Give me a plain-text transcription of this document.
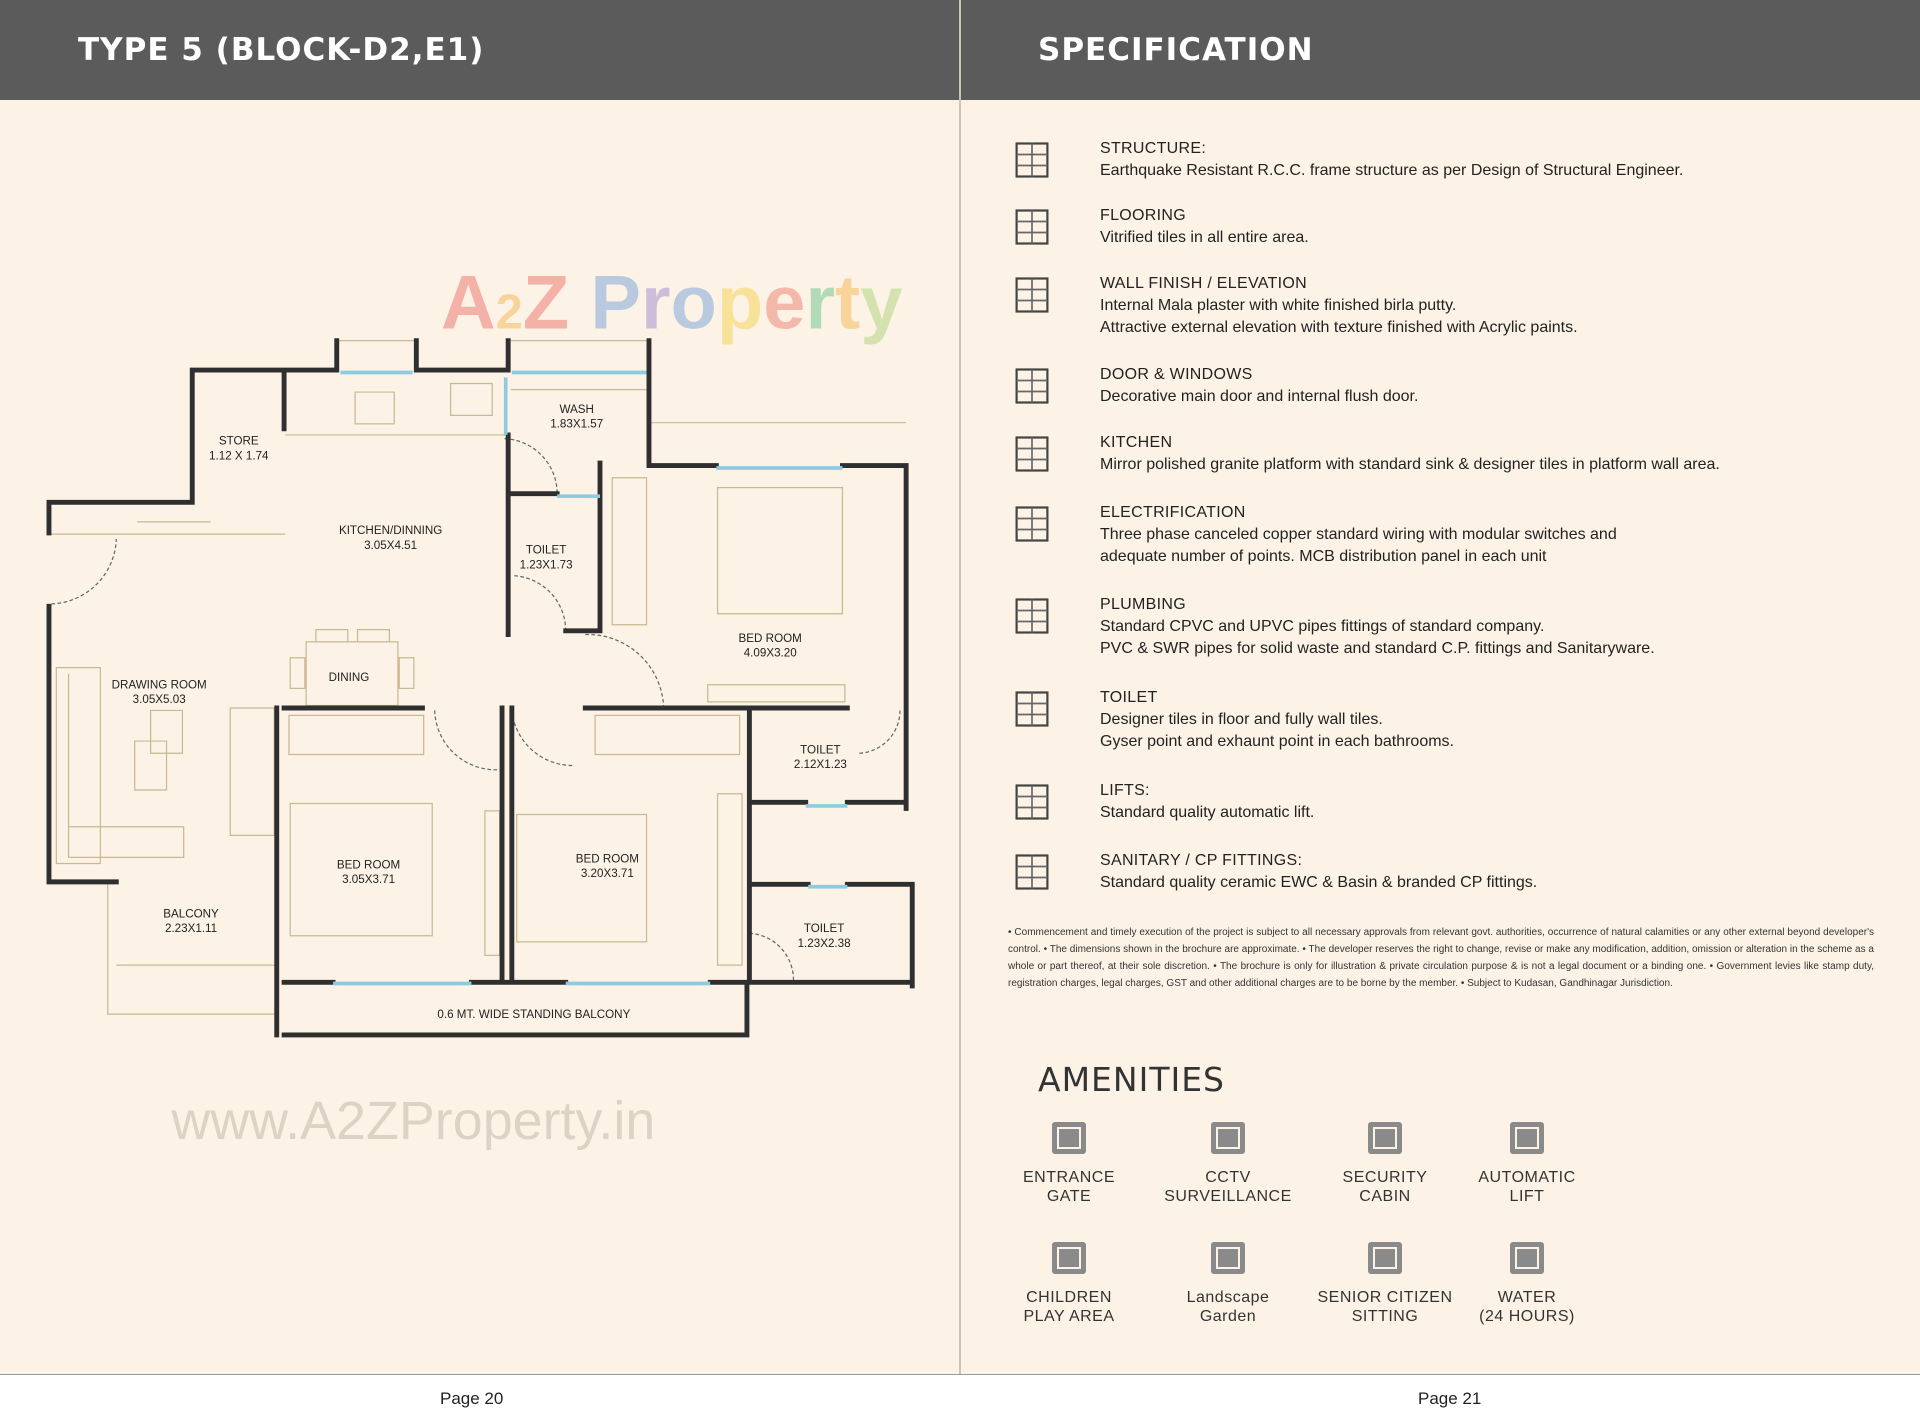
TYPE 5 (BLOCK-D2,E1)	SPECIFICATION
A2Z Property
www.A2ZProperty.in
STORE
1.12 X 1.74
WASH
1.83X1.57
KITCHEN/DINNING
3.05X4.51	TOILET
1.23X1.73
BED ROOM
4.09X3.20
DRAWING ROOM
3.05X5.03
DINING
TOILET
2.12X1.23
BED ROOM
3.05X3.71
BED ROOM
3.20X3.71
BALCONY
2.23X1.11	TOILET
1.23X2.38
0.6 MT. WIDE STANDING BALCONY
STRUCTURE:
Earthquake Resistant R.C.C. frame structure as per Design of Structural Engineer.
FLOORING
Vitrified tiles in all entire area.
WALL FINISH / ELEVATION
Internal Mala plaster with white finished birla putty.
Attractive external elevation with texture finished with Acrylic paints.
DOOR & WINDOWS
Decorative main door and internal flush door.
KITCHEN
Mirror polished granite platform with standard sink & designer tiles in platform wall area.
ELECTRIFICATION
Three phase canceled copper standard wiring with modular switches and
adequate number of points. MCB distribution panel in each unit
PLUMBING
Standard CPVC and UPVC pipes fittings of standard company.
PVC & SWR pipes for solid waste and standard C.P. fittings and Sanitaryware.
TOILET
Designer tiles in floor and fully wall tiles.
Gyser point and exhaunt point in each bathrooms.
LIFTS:
Standard quality automatic lift.
SANITARY / CP FITTINGS:
Standard quality ceramic EWC & Basin & branded CP fittings.
• Commencement and timely execution of the project is subject to all necessary approvals from relevant govt. authorities, occurrence of natural calamities or any other external beyond developer's control. • The dimensions shown in the brochure are approximate. • The developer reserves the right to change, revise or make any modification, addition, omission or alteration in the scheme as a whole or part thereof, at their sole discretion. • The brochure is only for illustration & private circulation purpose & is not a legal document or a binding one. • Government levies like stamp duty, registration charges, legal charges, GST and other additional charges are to be borne by the member. • Subject to Kudasan, Gandhinagar Jurisdiction.
AMENITIES
ENTRANCE
GATE
CCTV
SURVEILLANCE
SECURITY
CABIN
AUTOMATIC
LIFT
CHILDREN
PLAY AREA
Landscape
Garden
SENIOR CITIZEN
SITTING
WATER
(24 HOURS)
Page 20	Page 21
